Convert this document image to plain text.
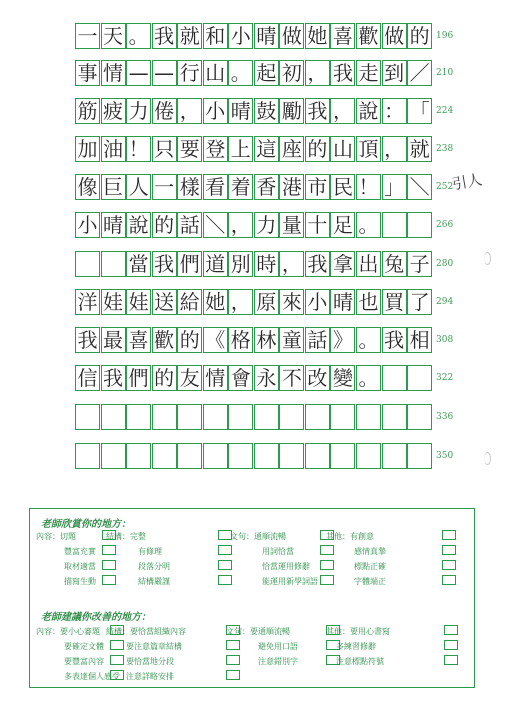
一 天 。 我 就 和 小 晴 做 她 喜 歡 做 的 196
事 情 — — 行 山 。 起 初 ， 我 走 到 ／ 210
筋 疲 力 倦 ， 小 晴 鼓 勵 我 ， 說 ： 「 224
加 油 ！ 只 要 登 上 這 座 的 山 頂 ， 就 238
像 巨 人 一 樣 看 着 香 港 市 民 ！ 」 ＼ 252
小 晴 說 的 話 ＼ ， 力 量 十 足 。	266
當 我 們 道 別 時 ， 我 拿 出 兔 子 280
洋 娃 娃 送 給 她 ， 原 來 小 晴 也 買 了 294
我 最 喜 歡 的 《 格 林 童 話 》 。 我 相 308
信 我 們 的 友 情 會 永 不 改 變 。	322
336
350
引人
老師欣賞你的地方：
內容：切題
豐富充實
取材適當
描寫生動
結構：完整
有條理
段落分明
結構嚴謹
文句：通順流暢
用詞恰當
恰當運用修辭
能運用新學詞語
其他：有創意
感情真摯
標點正確
字體端正
老師建議你改善的地方：
內容：要小心審題
要確定文體
要豐富內容
多表達個人感受
結構：要恰當組織內容
要注意篇章結構
要恰當地分段
注意詳略安排
文句：要通順流暢
避免用口語
注意錯別字
其他：要用心書寫
多練習修辭
注意標點符號
